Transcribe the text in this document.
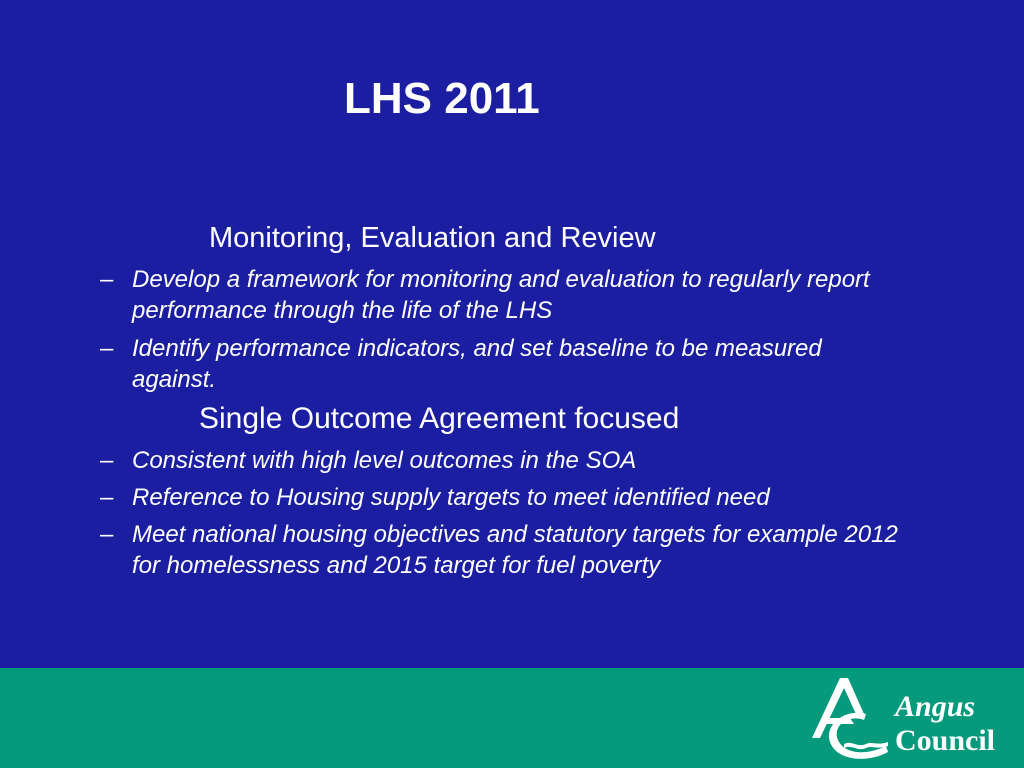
LHS 2011
Monitoring, Evaluation and Review
– Develop a framework for monitoring and evaluation to regularly report performance through the life of the LHS
– Identify performance indicators, and set baseline to be measured against.
Single Outcome Agreement focused
– Consistent with high level outcomes in the SOA
– Reference to Housing supply targets to meet identified need
– Meet national housing objectives and statutory targets for example 2012 for homelessness and 2015 target for fuel poverty
Angus
Council
